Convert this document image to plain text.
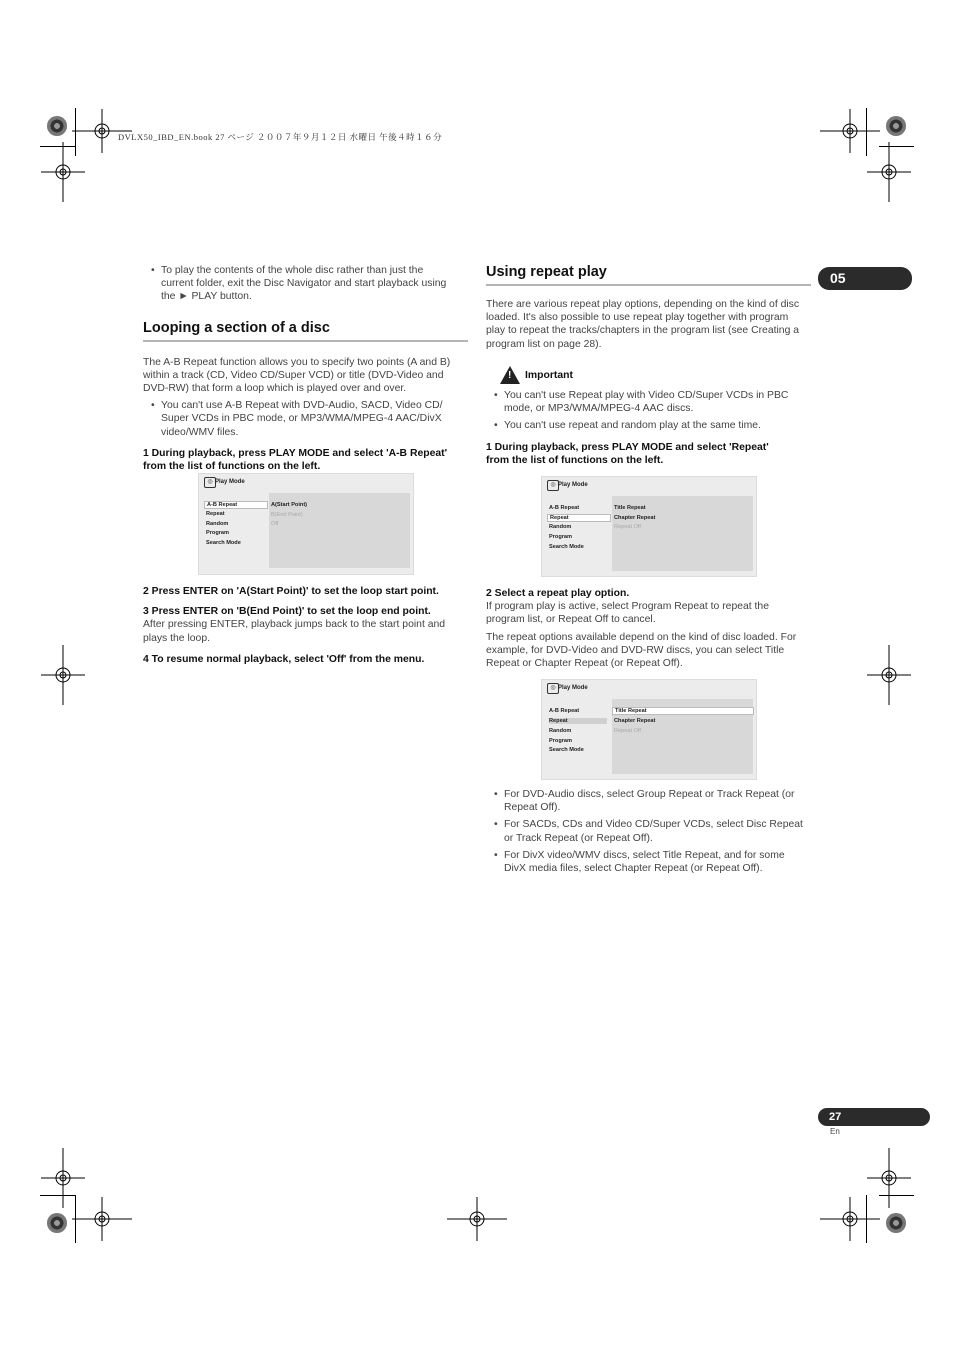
DVLX50_IBD_EN.book 27 ページ ２００７年９月１２日 水曜日 午後４時１６分
05
27
En
• To play the contents of the whole disc rather than just the
current folder, exit the Disc Navigator and start playback using
the ► PLAY button.
Looping a section of a disc
The A-B Repeat function allows you to specify two points (A and B)
within a track (CD, Video CD/Super VCD) or title (DVD-Video and
DVD-RW) that form a loop which is played over and over.
• You can't use A-B Repeat with DVD-Audio, SACD, Video CD/
Super VCDs in PBC mode, or MP3/WMA/MPEG-4 AAC/DivX
video/WMV files.
1 During playback, press PLAY MODE and select 'A-B Repeat'
from the list of functions on the left.
◎ Play Mode
A-B Repeat
Repeat
Random
Program
Search Mode
A(Start Point)
B(End Point)
Off
2 Press ENTER on 'A(Start Point)' to set the loop start point.
3 Press ENTER on 'B(End Point)' to set the loop end point.
After pressing ENTER, playback jumps back to the start point and
plays the loop.
4 To resume normal playback, select 'Off' from the menu.
Using repeat play
There are various repeat play options, depending on the kind of disc
loaded. It's also possible to use repeat play together with program
play to repeat the tracks/chapters in the program list (see Creating a
program list on page 28).
! Important
• You can't use Repeat play with Video CD/Super VCDs in PBC
mode, or MP3/WMA/MPEG-4 AAC discs.
• You can't use repeat and random play at the same time.
1 During playback, press PLAY MODE and select 'Repeat'
from the list of functions on the left.
◎ Play Mode
A-B Repeat
Repeat
Random
Program
Search Mode
Title Repeat
Chapter Repeat
Repeat Off
2 Select a repeat play option.
If program play is active, select Program Repeat to repeat the
program list, or Repeat Off to cancel.
The repeat options available depend on the kind of disc loaded. For
example, for DVD-Video and DVD-RW discs, you can select Title
Repeat or Chapter Repeat (or Repeat Off).
◎ Play Mode
A-B Repeat
Repeat
Random
Program
Search Mode
Title Repeat
Chapter Repeat
Repeat Off
• For DVD-Audio discs, select Group Repeat or Track Repeat (or
Repeat Off).
• For SACDs, CDs and Video CD/Super VCDs, select Disc Repeat
or Track Repeat (or Repeat Off).
• For DivX video/WMV discs, select Title Repeat, and for some
DivX media files, select Chapter Repeat (or Repeat Off).
